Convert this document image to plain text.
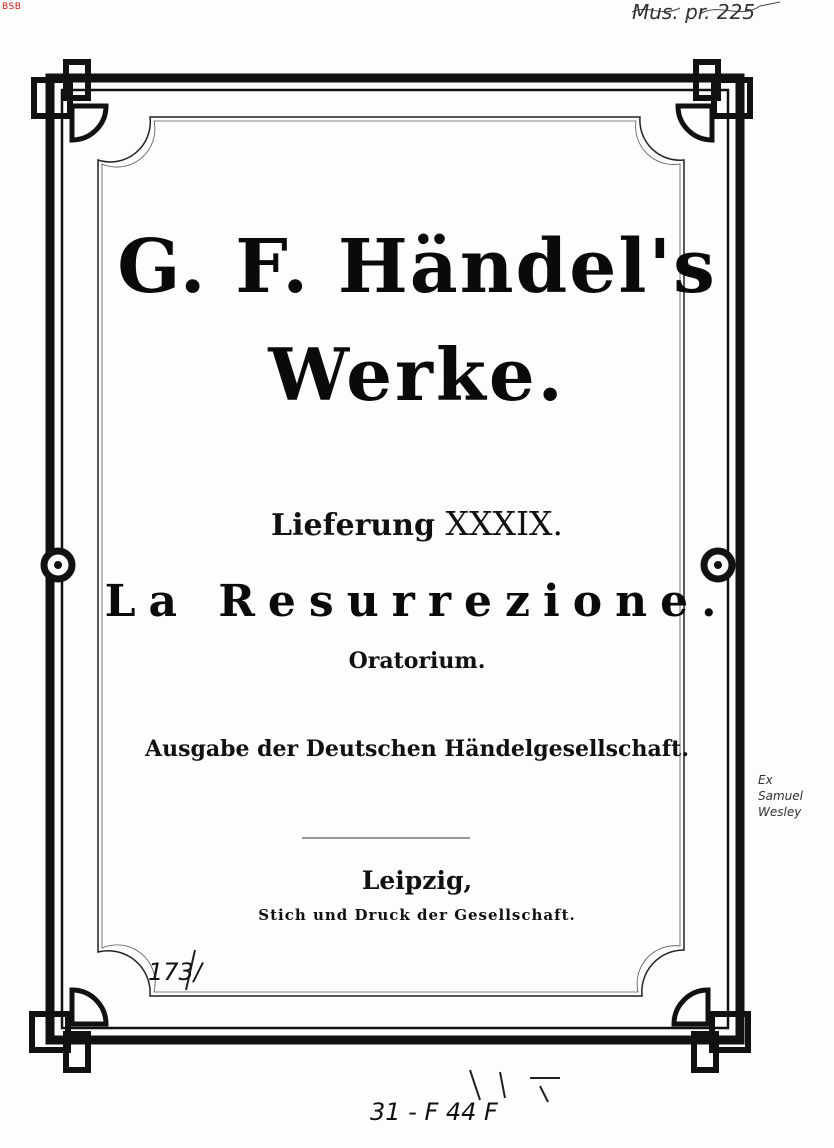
BSB	Mus. pr. 225
Ex
Samuel
Wesley
173/
31 - F 44 F
G. F. Händel's
Werke.
Lieferung XXXIX.
La Resurrezione.
Oratorium.
Ausgabe der Deutschen Händelgesellschaft.
Leipzig,
Stich und Druck der Gesellschaft.
